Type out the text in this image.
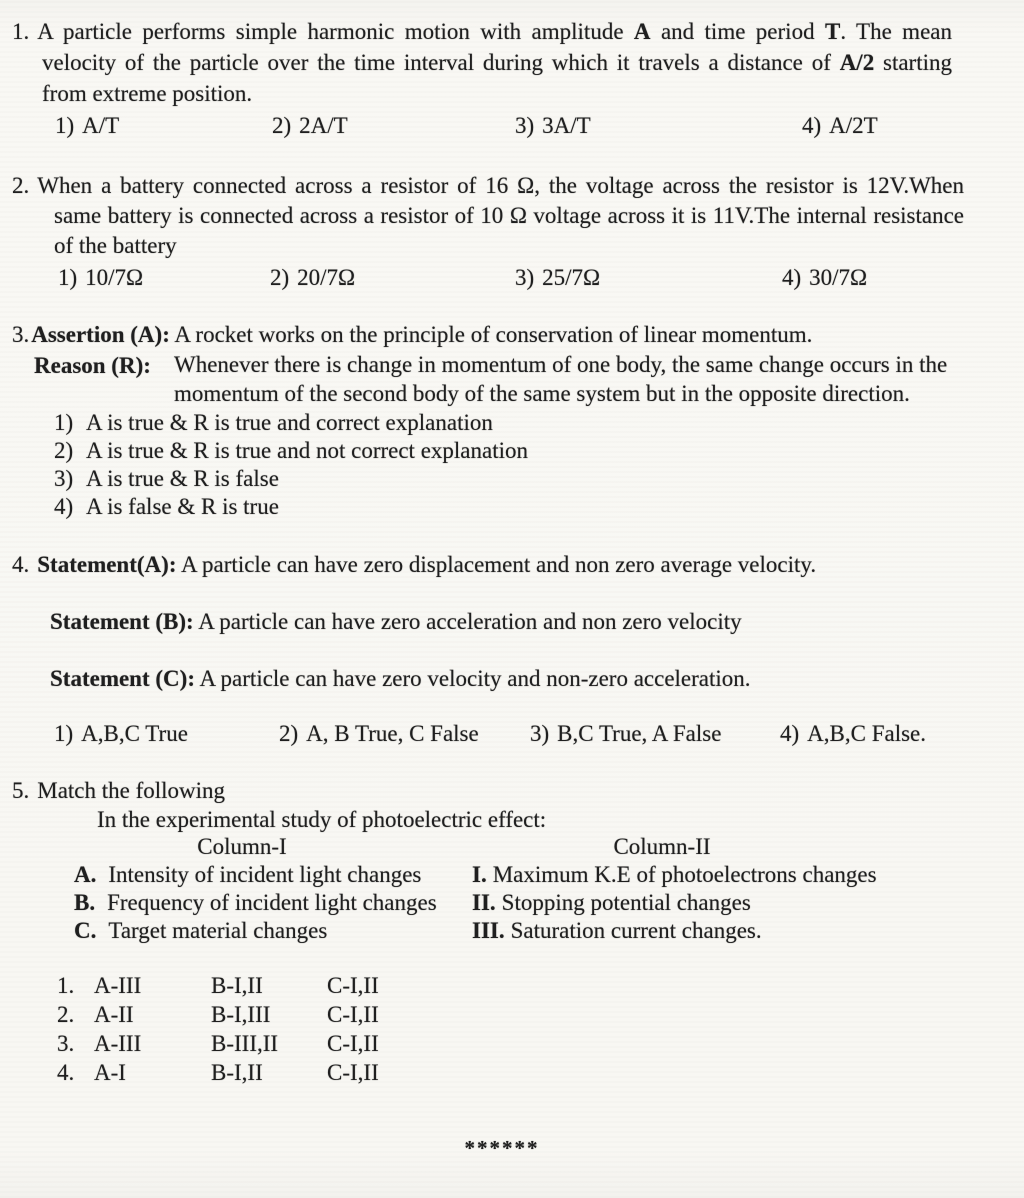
1. A particle performs simple harmonic motion with amplitude A and time period T. The mean velocity of the particle over the time interval during which it travels a distance of A/2 starting from extreme position.

1) A/T	2) 2A/T	3) 3A/T	4) A/2T

2. When a battery connected across a resistor of 16 Ω, the voltage across the resistor is 12V.When same battery is connected across a resistor of 10 Ω voltage across it is 11V.The internal resistance of the battery

1) 10/7Ω	2) 20/7Ω	3) 25/7Ω	4) 30/7Ω

3.Assertion (A): A rocket works on the principle of conservation of linear momentum.

Reason (R):	Whenever there is change in momentum of one body, the same change occurs in the momentum of the second body of the same system but in the opposite direction.
1) A is true & R is true and correct explanation
2) A is true & R is true and not correct explanation
3) A is true & R is false
4) A is false & R is true

4. Statement(A): A particle can have zero displacement and non zero average velocity.

Statement (B): A particle can have zero acceleration and non zero velocity

Statement (C): A particle can have zero velocity and non-zero acceleration.

1) A,B,C True	2) A, B True, C False	3) B,C True, A False	4) A,B,C False.

5. Match the following

In the experimental study of photoelectric effect:
Column-I	Column-II
A. Intensity of incident light changes	I. Maximum K.E of photoelectrons changes
B. Frequency of incident light changes	II. Stopping potential changes
C. Target material changes	III. Saturation current changes.
1. A-III	B-I,II	C-I,II
2. A-II	B-I,III	C-I,II
3. A-III	B-III,II	C-I,II
4. A-I	B-I,II	C-I,II
******
